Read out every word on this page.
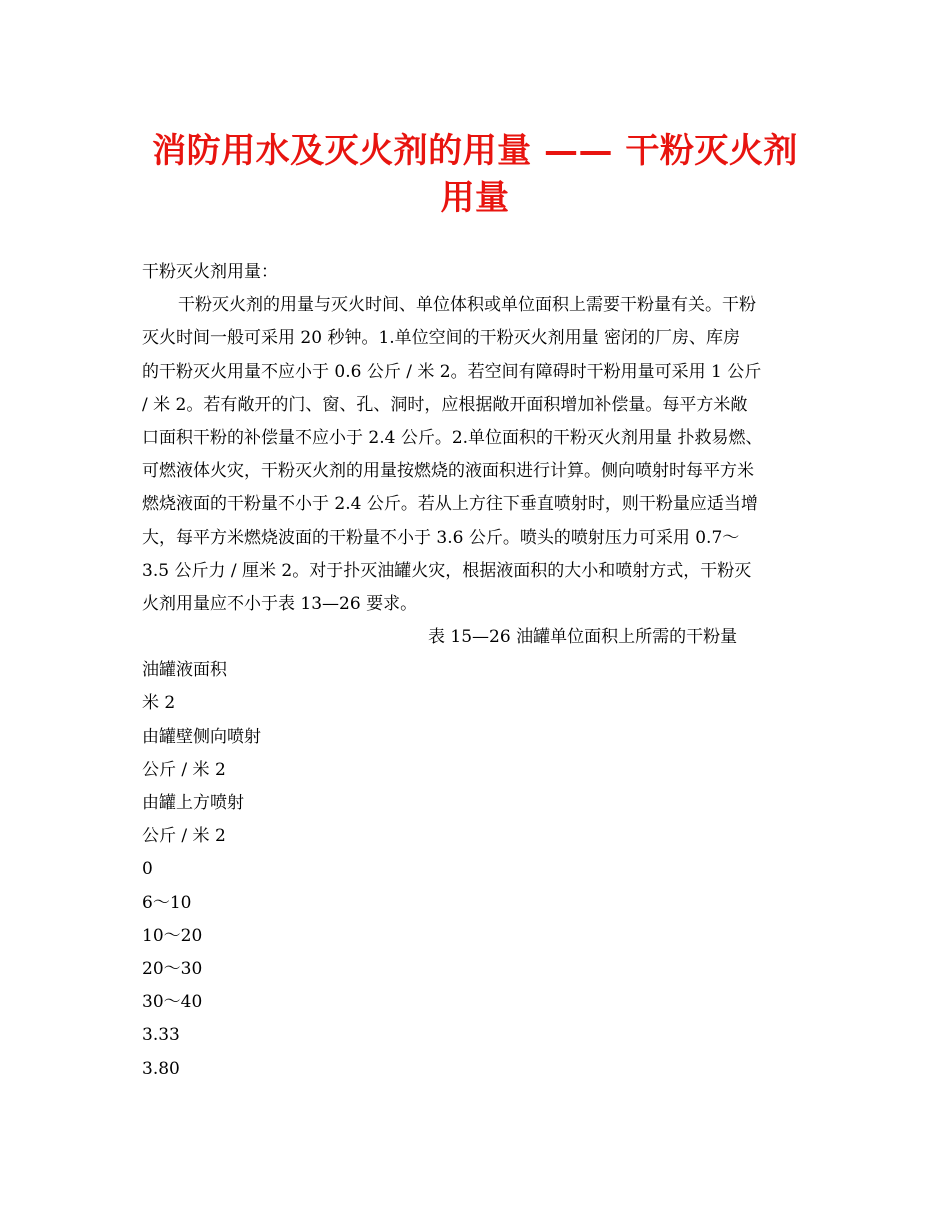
消防用水及灭火剂的用量 —— 干粉灭火剂
用量
干粉灭火剂用量：
干粉灭火剂的用量与灭火时间、单位体积或单位面积上需要干粉量有关。干粉
灭火时间一般可采用 20 秒钟。1.单位空间的干粉灭火剂用量 密闭的厂房、库房
的干粉灭火用量不应小于 0.6 公斤 / 米 2。若空间有障碍时干粉用量可采用 1 公斤
/ 米 2。若有敞开的门、窗、孔、洞时，应根据敞开面积增加补偿量。每平方米敞
口面积干粉的补偿量不应小于 2.4 公斤。2.单位面积的干粉灭火剂用量 扑救易燃、
可燃液体火灾，干粉灭火剂的用量按燃烧的液面积进行计算。侧向喷射时每平方米
燃烧液面的干粉量不小于 2.4 公斤。若从上方往下垂直喷射时，则干粉量应适当增
大，每平方米燃烧波面的干粉量不小于 3.6 公斤。喷头的喷射压力可采用 0.7～
3.5 公斤力 / 厘米 2。对于扑灭油罐火灾，根据液面积的大小和喷射方式，干粉灭
火剂用量应不小于表 13—26 要求。
表 15—26 油罐单位面积上所需的干粉量
油罐液面积
米 2
由罐壁侧向喷射
公斤 / 米 2
由罐上方喷射
公斤 / 米 2
0
6～10
10～20
20～30
30～40
3.33
3.80
